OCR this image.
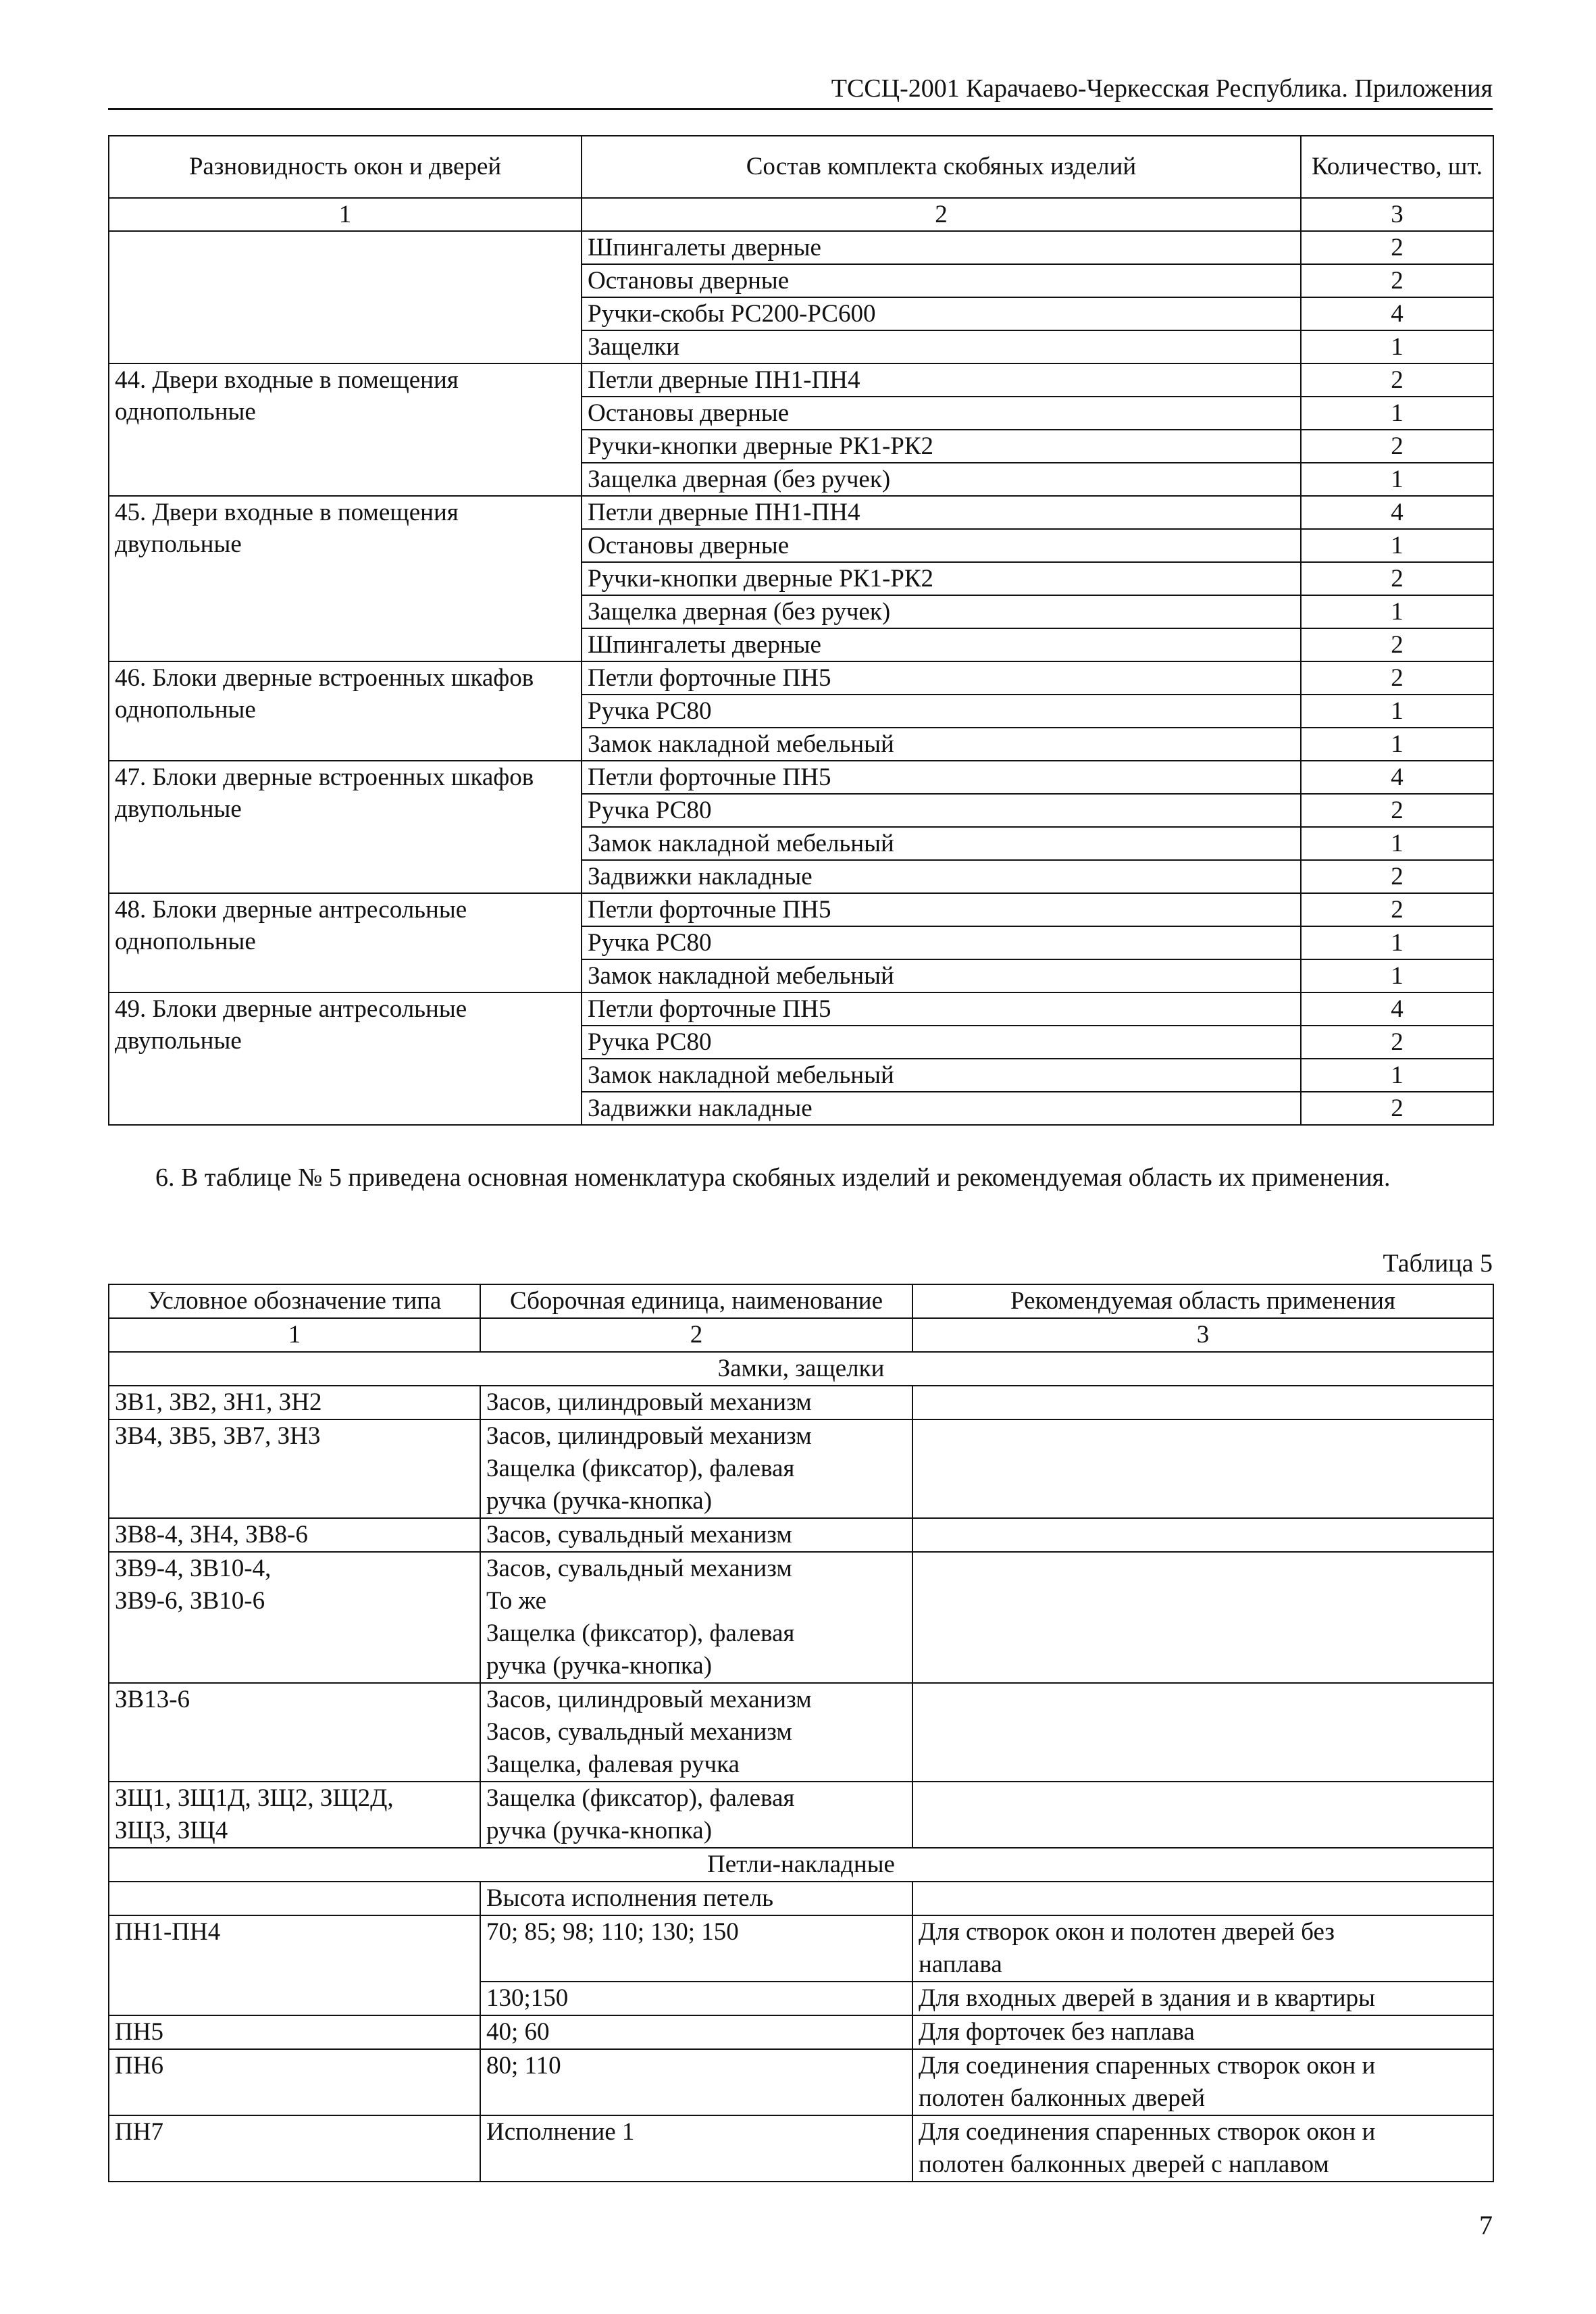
ТССЦ-2001 Карачаево-Черкесская Республика. Приложения
Разновидность окон и дверей	Состав комплекта скобяных изделий	Количество, шт.
1	2	3
	Шпингалеты дверные	2
	Остановы дверные	2
	Ручки-скобы РС200-РС600	4
	Защелки	1
44. Двери входные в помещения однопольные	Петли дверные ПН1-ПН4	2
	Остановы дверные	1
	Ручки-кнопки дверные РК1-РК2	2
	Защелка дверная (без ручек)	1
45. Двери входные в помещения двупольные	Петли дверные ПН1-ПН4	4
	Остановы дверные	1
	Ручки-кнопки дверные РК1-РК2	2
	Защелка дверная (без ручек)	1
	Шпингалеты дверные	2
46. Блоки дверные встроенных шкафов однопольные	Петли форточные ПН5	2
	Ручка РС80	1
	Замок накладной мебельный	1
47. Блоки дверные встроенных шкафов двупольные	Петли форточные ПН5	4
	Ручка РС80	2
	Замок накладной мебельный	1
	Задвижки накладные	2
48. Блоки дверные антресольные однопольные	Петли форточные ПН5	2
	Ручка РС80	1
	Замок накладной мебельный	1
49. Блоки дверные антресольные двупольные	Петли форточные ПН5	4
	Ручка РС80	2
	Замок накладной мебельный	1
	Задвижки накладные	2
6. В таблице № 5 приведена основная номенклатура скобяных изделий и рекомендуемая область их применения.
Таблица 5
Условное обозначение типа	Сборочная единица, наименование	Рекомендуемая область применения
1	2	3
Замки, защелки		

ЗВ1, ЗВ2, ЗН1, ЗН2	Засов, цилиндровый механизм	

ЗВ4, ЗВ5, ЗВ7, ЗН3	Засов, цилиндровый механизм
Защелка (фиксатор), фалевая
ручка (ручка-кнопка)	

ЗВ8-4, ЗН4, ЗВ8-6	Засов, сувальдный механизм	

ЗВ9-4, ЗВ10-4,
ЗВ9-6, ЗВ10-6	Засов, сувальдный механизм
То же
Защелка (фиксатор), фалевая
ручка (ручка-кнопка)	

ЗВ13-6	Засов, цилиндровый механизм
Засов, сувальдный механизм
Защелка, фалевая ручка	

ЗЩ1, ЗЩ1Д, ЗЩ2, ЗЩ2Д,
ЗЩ3, ЗЩ4	Защелка (фиксатор), фалевая
ручка (ручка-кнопка)	

Петли-накладные		
	Высота исполнения петель	
ПН1-ПН4	70; 85; 98; 110; 130; 150	Для створок окон и полотен дверей без
наплава

	130;150	Для входных дверей в здания и в квартиры

ПН5	40; 60	Для форточек без наплава

ПН6	80; 110	Для соединения спаренных створок окон и
полотен балконных дверей

ПН7	Исполнение 1	Для соединения спаренных створок окон и
полотен балконных дверей с наплавом
7
